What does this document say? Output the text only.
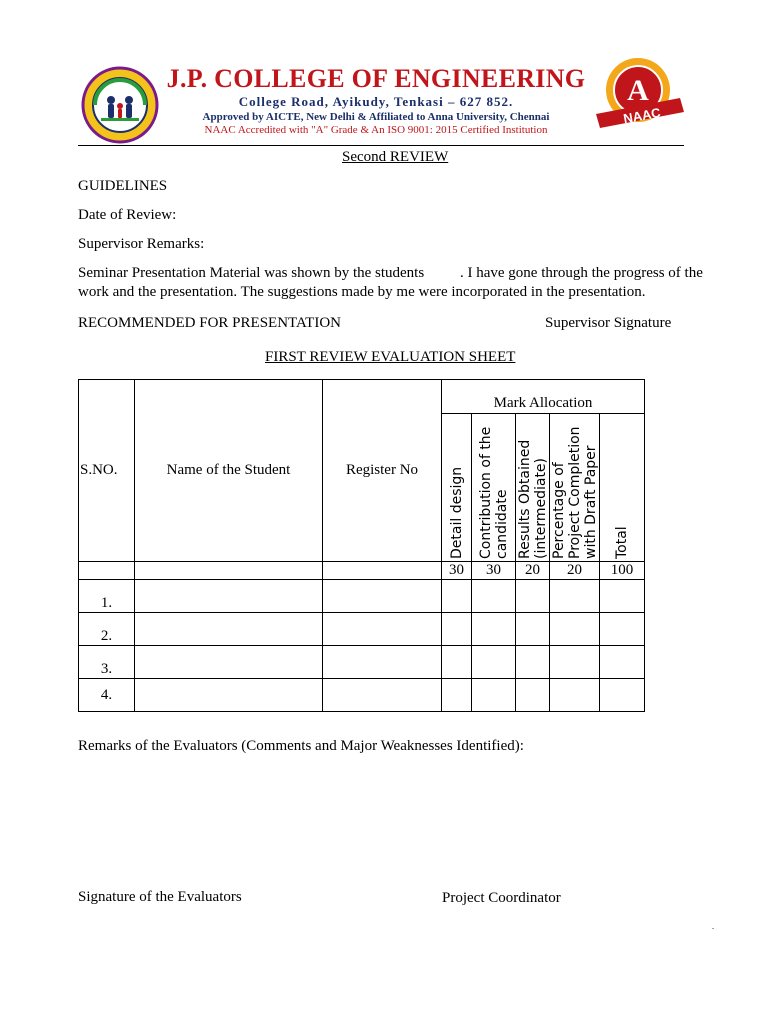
J.P. COLLEGE OF ENGINEERING
College Road, Ayikudy, Tenkasi – 627 852.
Approved by AICTE, New Delhi & Affiliated to Anna University, Chennai
NAAC Accredited with "A" Grade & An ISO 9001: 2015 Certified Institution
A
NAAC
Second REVIEW
GUIDELINES
Date of Review:
Supervisor Remarks:
Seminar Presentation Material was shown by the students . I have gone through the progress of the
work and the presentation. The suggestions made by me were incorporated in the presentation.
RECOMMENDED FOR PRESENTATION	Supervisor Signature
FIRST REVIEW EVALUATION SHEET
S.NO.	Name of the Student	Register No	Mark Allocation				

			Detail design	Contribution of the candidate	Results Obtained (intermediate)	Percentage of Project Completion with Draft Paper	Total

			30	30	20	20	100
1.							
2.							
3.							
4.							
Remarks of the Evaluators (Comments and Major Weaknesses Identified):
Signature of the Evaluators	Project Coordinator
.
